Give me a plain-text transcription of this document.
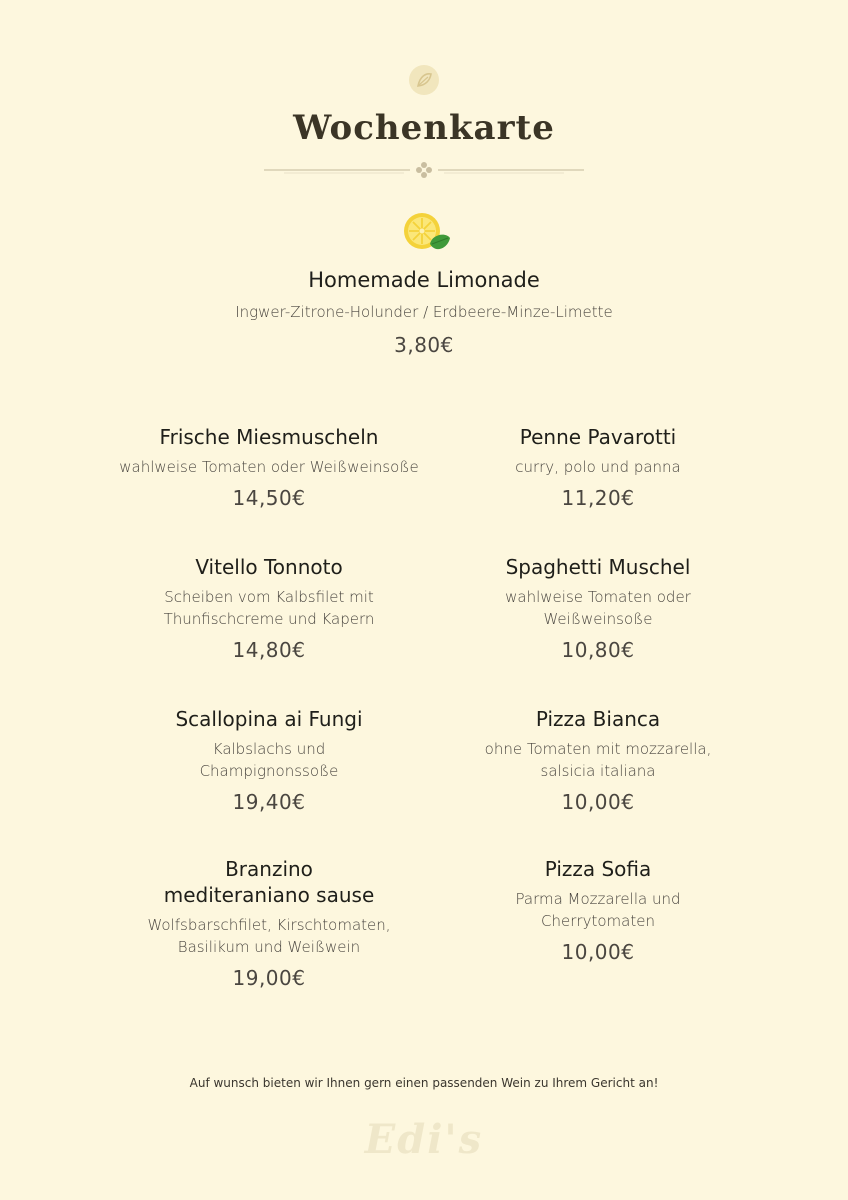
Wochenkarte
Homemade Limonade
Ingwer-Zitrone-Holunder / Erdbeere-Minze-Limette
3,80€
Frische Miesmuscheln
wahlweise Tomaten oder Weißweinsoße
14,50€
Vitello Tonnoto
Scheiben vom Kalbsfilet mit Thunfischcreme und Kapern
14,80€
Scallopina ai Fungi
Kalbslachs und Champignonssoße
19,40€
Branzino mediteraniano sause
Wolfsbarschfilet, Kirschtomaten, Basilikum und Weißwein
19,00€
Penne Pavarotti
curry, polo und panna
11,20€
Spaghetti Muschel
wahlweise Tomaten oder Weißweinsoße
10,80€
Pizza Bianca
ohne Tomaten mit mozzarella, salsicia italiana
10,00€
Pizza Sofia
Parma Mozzarella und Cherrytomaten
10,00€
Auf wunsch bieten wir Ihnen gern einen passenden Wein zu Ihrem Gericht an!
Edi's
